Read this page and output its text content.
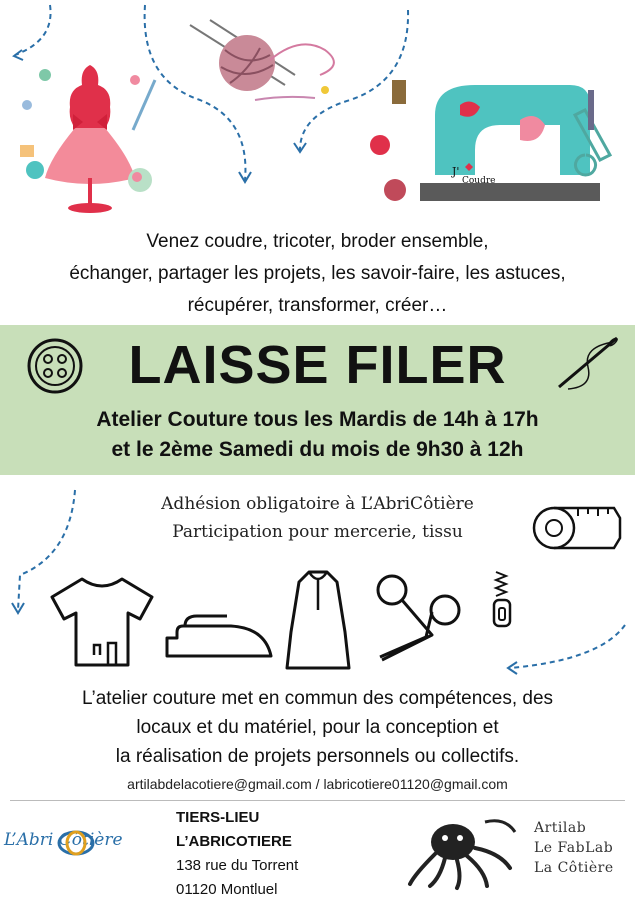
J'
Coudre
Venez coudre, tricoter, broder ensemble,
échanger, partager les projets, les savoir-faire, les astuces,
récupérer, transformer, créer…
LAISSE FILER
Atelier Couture tous les Mardis de 14h à 17h
et le 2ème Samedi du mois de 9h30 à 12h
Adhésion obligatoire à L’AbriCôtière
Participation pour mercerie, tissu
L’atelier couture met en commun des compétences, des
locaux et du matériel, pour la conception et
la réalisation de projets personnels ou collectifs.
artilabdelacotiere@gmail.com / labricotiere01120@gmail.com
L’Abri Côtière
TIERS-LIEU
L’ABRICOTIERE
138 rue du Torrent
01120 Montluel
Artilab
Le FabLab
La Côtière
